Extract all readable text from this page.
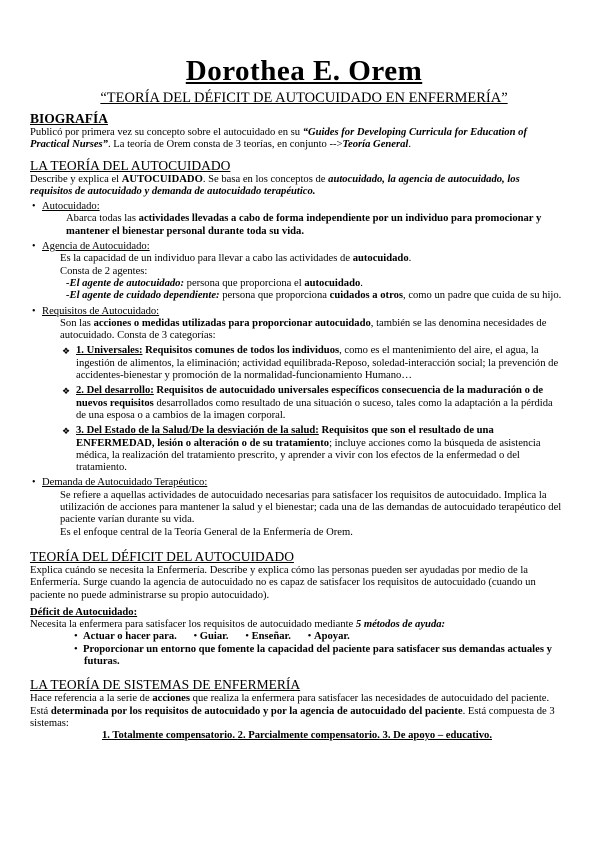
Dorothea E. Orem
“TEORÍA DEL DÉFICIT DE AUTOCUIDADO EN ENFERMERÍA”
BIOGRAFÍA

Publicó por primera vez su concepto sobre el autocuidado en su “Guides for Developing Curricula for Education of Practical Nurses”. La teoría de Orem consta de 3 teorías, en conjunto -->Teoría General.

LA TEORÍA DEL AUTOCUIDADO

Describe y explica el AUTOCUIDADO. Se basa en los conceptos de autocuidado, la agencia de autocuidado, los requisitos de autocuidado y demanda de autocuidado terapéutico.

• Autocuidado:

Abarca todas las actividades llevadas a cabo de forma independiente por un individuo para promocionar y mantener el bienestar personal durante toda su vida.

• Agencia de Autocuidado:

Es la capacidad de un individuo para llevar a cabo las actividades de autocuidado.

Consta de 2 agentes:

-El agente de autocuidado: persona que proporciona el autocuidado.

-El agente de cuidado dependiente: persona que proporciona cuidados a otros, como un padre que cuida de su hijo.

• Requisitos de Autocuidado:

Son las acciones o medidas utilizadas para proporcionar autocuidado, también se las denomina necesidades de autocuidado. Consta de 3 categorías:

❖ 1. Universales: Requisitos comunes de todos los individuos, como es el mantenimiento del aire, el agua, la ingestión de alimentos, la eliminación; actividad equilibrada-Reposo, soledad-interacción social; la prevención de accidentes-bienestar y promoción de la normalidad-funcionamiento Humano…

❖ 2. Del desarrollo: Requisitos de autocuidado universales específicos consecuencia de la maduración o de nuevos requisitos desarrollados como resultado de una situación o suceso, tales como la adaptación a la pérdida de una esposa o a cambios de la imagen corporal.

❖ 3. Del Estado de la Salud/De la desviación de la salud: Requisitos que son el resultado de una ENFERMEDAD, lesión o alteración o de su tratamiento; incluye acciones como la búsqueda de asistencia médica, la realización del tratamiento prescrito, y aprender a vivir con los efectos de la enfermedad o del tratamiento.

• Demanda de Autocuidado Terapéutico:

Se refiere a aquellas actividades de autocuidado necesarias para satisfacer los requisitos de autocuidado. Implica la utilización de acciones para mantener la salud y el bienestar; cada una de las demandas de autocuidado terapéutico del paciente varían durante su vida.

Es el enfoque central de la Teoría General de la Enfermería de Orem.

TEORÍA DEL DÉFICIT DEL AUTOCUIDADO

Explica cuándo se necesita la Enfermería. Describe y explica cómo las personas pueden ser ayudadas por medio de la Enfermería. Surge cuando la agencia de autocuidado no es capaz de satisfacer los requisitos de autocuidado (cuando un paciente no puede administrarse su propio autocuidado).

Déficit de Autocuidado:

Necesita la enfermera para satisfacer los requisitos de autocuidado mediante 5 métodos de ayuda:

•  Actuar o hacer para. • Guiar. • Enseñar. • Apoyar.

•  Proporcionar un entorno que fomente la capacidad del paciente para satisfacer sus demandas actuales y futuras.

LA TEORÍA DE SISTEMAS DE ENFERMERÍA

Hace referencia a la serie de acciones que realiza la enfermera para satisfacer las necesidades de autocuidado del paciente. Está determinada por los requisitos de autocuidado y por la agencia de autocuidado del paciente. Está compuesta de 3 sistemas:

1. Totalmente compensatorio. 2. Parcialmente compensatorio. 3. De apoyo – educativo.
